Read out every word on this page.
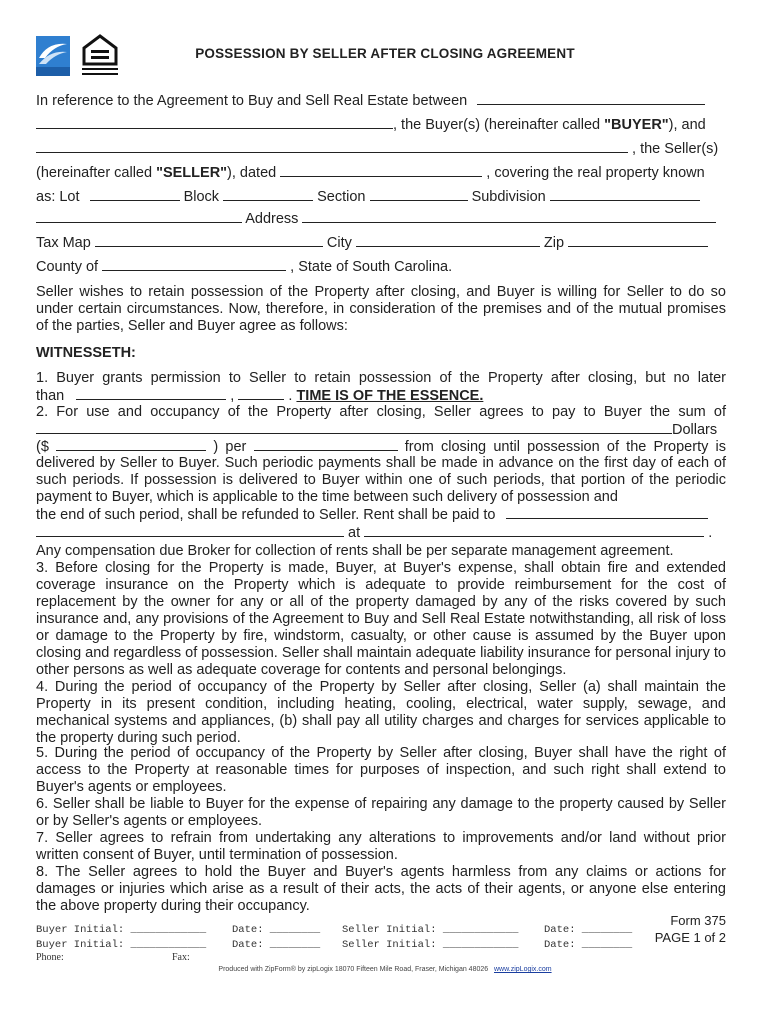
POSSESSION BY SELLER AFTER CLOSING AGREEMENT
In reference to the Agreement to Buy and Sell Real Estate between
, the Buyer(s) (hereinafter called "BUYER"), and
, the Seller(s)
(hereinafter called "SELLER"), dated	, covering the real property known
as: Lot	Block	Section	Subdivision
Address
Tax Map	City	Zip
County of	, State of South Carolina.
Seller wishes to retain possession of the Property after closing, and Buyer is willing for Seller to do so under certain circumstances. Now, therefore, in consideration of the premises and of the mutual promises of the parties, Seller and Buyer agree as follows:
WITNESSETH:
1. Buyer grants permission to Seller to retain possession of the Property after closing, but no later
than	,	. TIME IS OF THE ESSENCE.
2. For use and occupancy of the Property after closing, Seller agrees to pay to Buyer the sum of
Dollars
($	) per	from closing until possession of the Property is
delivered by Seller to Buyer. Such periodic payments shall be made in advance on the first day of each of such periods. If possession is delivered to Buyer within one of such periods, that portion of the periodic payment to Buyer, which is applicable to the time between such delivery of possession and
the end of such period, shall be refunded to Seller. Rent shall be paid to
at	.
Any compensation due Broker for collection of rents shall be per separate management agreement.
3. Before closing for the Property is made, Buyer, at Buyer's expense, shall obtain fire and extended coverage insurance on the Property which is adequate to provide reimbursement for the cost of replacement by the owner for any or all of the property damaged by any of the risks covered by such insurance and, any provisions of the Agreement to Buy and Sell Real Estate notwithstanding, all risk of loss or damage to the Property by fire, windstorm, casualty, or other cause is assumed by the Buyer upon closing and regardless of possession. Seller shall maintain adequate liability insurance for personal injury to other persons as well as adequate coverage for contents and personal belongings.
4. During the period of occupancy of the Property by Seller after closing, Seller (a) shall maintain the Property in its present condition, including heating, cooling, electrical, water supply, sewage, and mechanical systems and appliances, (b) shall pay all utility charges and charges for services applicable to the property during such period.
5. During the period of occupancy of the Property by Seller after closing, Buyer shall have the right of access to the Property at reasonable times for purposes of inspection, and such right shall extend to Buyer's agents or employees.
6. Seller shall be liable to Buyer for the expense of repairing any damage to the property caused by Seller or by Seller's agents or employees.
7. Seller agrees to refrain from undertaking any alterations to improvements and/or land without prior written consent of Buyer, until termination of possession.
8. The Seller agrees to hold the Buyer and Buyer's agents harmless from any claims or actions for damages or injuries which arise as a result of their acts, the acts of their agents, or anyone else entering the above property during their occupancy.
Buyer Initial: ____________ Date: ________ Seller Initial: ____________ Date: ________
Buyer Initial: ____________ Date: ________ Seller Initial: ____________ Date: ________
Phone:	Fax:
Form 375
PAGE 1 of 2
Produced with ZipForm® by zipLogix 18070 Fifteen Mile Road, Fraser, Michigan 48026 www.zipLogix.com
